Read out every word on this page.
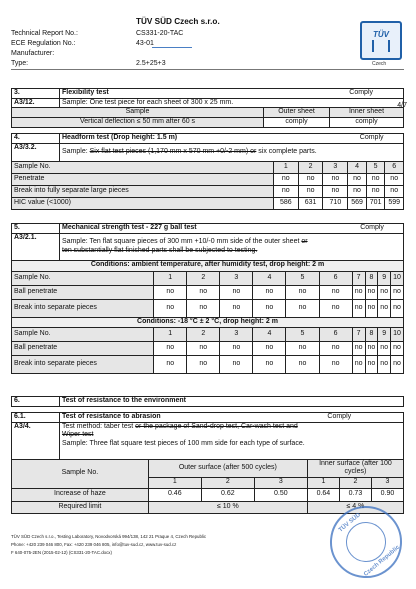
TÜV SÜD Czech s.r.o.
Technical Report No.:	CS331-20-TAC
ECE Regulation No.:	43-01
Manufacturer:
Type:	2.5+25+3
TÜV
Czech
4/7
3.	Flexibility test		Comply
A3/12.	Sample: One test piece for each sheet of 300 x 25 mm.		
Sample		Outer sheet	Inner sheet
Vertical deflection ≤ 50 mm after 60 s		comply	comply
4.	Headform test (Drop height: 1.5 m)				Comply		
A3/3.2.	Sample: Six flat test pieces (1,170 mm x 570 mm +0/-2 mm) or six complete parts.						
Sample No.		1	2	3	4	5	6
Penetrate		no	no	no	no	no	no
Break into fully separate large pieces		no	no	no	no	no	no
HIC value (<1000)		586	631	710	569	701	599
5.	Mechanical strength test - 227 g ball test							Comply			
A3/2.1.	Sample: Ten flat square pieces of 300 mm +10/-0 mm side of the outer sheet or ten substantially flat finished parts shall be subjected to testing.										
Conditions: ambient temperature, after humidity test, drop height: 2 m											
Sample No.		1	2	3	4	5	6	7	8	9	10
Ball penetrate		no	no	no	no	no	no	no	no	no	no
Break into separate pieces		no	no	no	no	no	no	no	no	no	no
Conditions: -18 °C ± 2 °C, drop height: 2 m											
Sample No.		1	2	3	4	5	6	7	8	9	10
Ball penetrate		no	no	no	no	no	no	no	no	no	no
Break into separate pieces		no	no	no	no	no	no	no	no	no	no
6.	Test of resistance to the environment
6.1.	Test of resistance to abrasion				Comply		
A3/4.	Test method: taber test or the package of Sand-drop test, Car-wash test and Wiper test
Sample: Three flat square test pieces of 100 mm side for each type of surface.						

Sample No.		Outer surface (after 500 cycles)			Inner surface (after 100 cycles)		
		1	2	3	1	2	3
Increase of haze		0.46	0.62	0.50	0.64	0.73	0.90
Required limit		≤ 10 %			≤ 4 %		
TÜV SÜD Czech s.r.o., Testing Laboratory, Novodvorská 994/138, 142 21 Praque 4, Czech Republic
Phone: +420 239 046 800, Fax: +420 239 046 805, info@tuv-sud.cz, www.tuv-sud.cz
F 640-075-2EN (2015-02-12) (CS331-20-TAC.docx)
TÜV SÜD
Czech Republic
